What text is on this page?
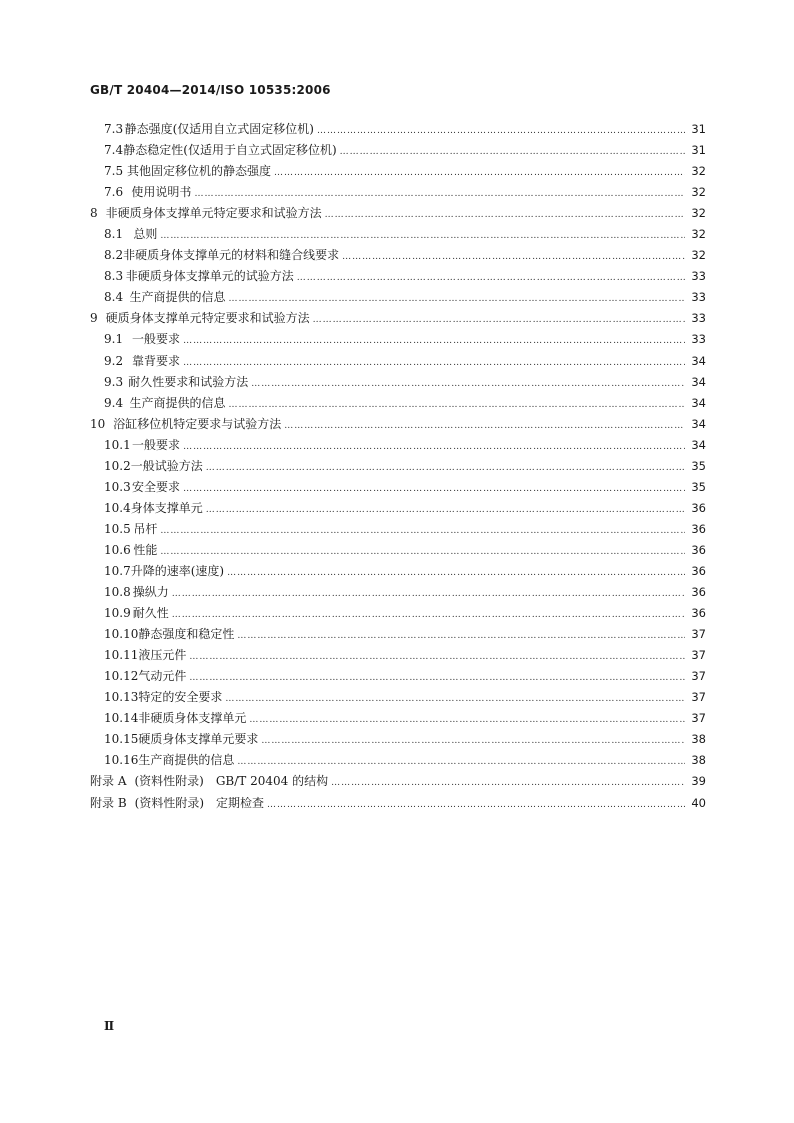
GB/T 20404—2014/ISO 10535:2006
7.3 静态强度(仅适用自立式固定移位机) ……………………………………………………………………………………………………………………………………………………………………………………	31
7.4 静态稳定性(仅适用于自立式固定移位机) ……………………………………………………………………………………………………………………………………………………………………………………	31
7.5 其他固定移位机的静态强度 ……………………………………………………………………………………………………………………………………………………………………………………	32
7.6 使用说明书 ……………………………………………………………………………………………………………………………………………………………………………………	32
8 非硬质身体支撑单元特定要求和试验方法 ……………………………………………………………………………………………………………………………………………………………………………………	32
8.1 总则 ……………………………………………………………………………………………………………………………………………………………………………………	32
8.2 非硬质身体支撑单元的材料和缝合线要求 ……………………………………………………………………………………………………………………………………………………………………………………	32
8.3 非硬质身体支撑单元的试验方法 ……………………………………………………………………………………………………………………………………………………………………………………	33
8.4 生产商提供的信息 ……………………………………………………………………………………………………………………………………………………………………………………	33
9 硬质身体支撑单元特定要求和试验方法 ……………………………………………………………………………………………………………………………………………………………………………………	33
9.1 一般要求 ……………………………………………………………………………………………………………………………………………………………………………………	33
9.2 靠背要求 ……………………………………………………………………………………………………………………………………………………………………………………	34
9.3 耐久性要求和试验方法 ……………………………………………………………………………………………………………………………………………………………………………………	34
9.4 生产商提供的信息 ……………………………………………………………………………………………………………………………………………………………………………………	34
10 浴缸移位机特定要求与试验方法 ……………………………………………………………………………………………………………………………………………………………………………………	34
10.1 一般要求 ……………………………………………………………………………………………………………………………………………………………………………………	34
10.2 一般试验方法 ……………………………………………………………………………………………………………………………………………………………………………………	35
10.3 安全要求 ……………………………………………………………………………………………………………………………………………………………………………………	35
10.4 身体支撑单元 ……………………………………………………………………………………………………………………………………………………………………………………	36
10.5 吊杆 ……………………………………………………………………………………………………………………………………………………………………………………	36
10.6 性能 ……………………………………………………………………………………………………………………………………………………………………………………	36
10.7 升降的速率(速度) ……………………………………………………………………………………………………………………………………………………………………………………	36
10.8 操纵力 ……………………………………………………………………………………………………………………………………………………………………………………	36
10.9 耐久性 ……………………………………………………………………………………………………………………………………………………………………………………	36
10.10 静态强度和稳定性 ……………………………………………………………………………………………………………………………………………………………………………………	37
10.11 液压元件 ……………………………………………………………………………………………………………………………………………………………………………………	37
10.12 气动元件 ……………………………………………………………………………………………………………………………………………………………………………………	37
10.13 特定的安全要求 ……………………………………………………………………………………………………………………………………………………………………………………	37
10.14 非硬质身体支撑单元 ……………………………………………………………………………………………………………………………………………………………………………………	37
10.15 硬质身体支撑单元要求 ……………………………………………………………………………………………………………………………………………………………………………………	38
10.16 生产商提供的信息 ……………………………………………………………………………………………………………………………………………………………………………………	38
附录 A (资料性附录)　GB/T 20404 的结构 ……………………………………………………………………………………………………………………………………………………………………………………	39
附录 B (资料性附录)　定期检查 ……………………………………………………………………………………………………………………………………………………………………………………	40
Ⅱ
